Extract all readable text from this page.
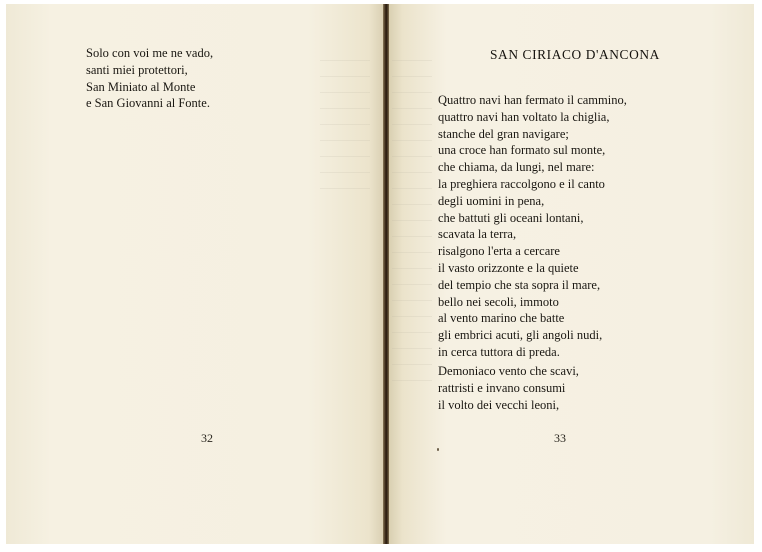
Solo con voi me ne vado,
santi miei protettori,
San Miniato al Monte
e San Giovanni al Fonte.
32
SAN CIRIACO D'ANCONA
Quattro navi han fermato il cammino,
quattro navi han voltato la chiglia,
stanche del gran navigare;
una croce han formato sul monte,
che chiama, da lungi, nel mare:
la preghiera raccolgono e il canto
degli uomini in pena,
che battuti gli oceani lontani,
scavata la terra,
risalgono l'erta a cercare
il vasto orizzonte e la quiete
del tempio che sta sopra il mare,
bello nei secoli, immoto
al vento marino che batte
gli embrici acuti, gli angoli nudi,
in cerca tuttora di preda.
Demoniaco vento che scavi,
rattristi e invano consumi
il volto dei vecchi leoni,
33
